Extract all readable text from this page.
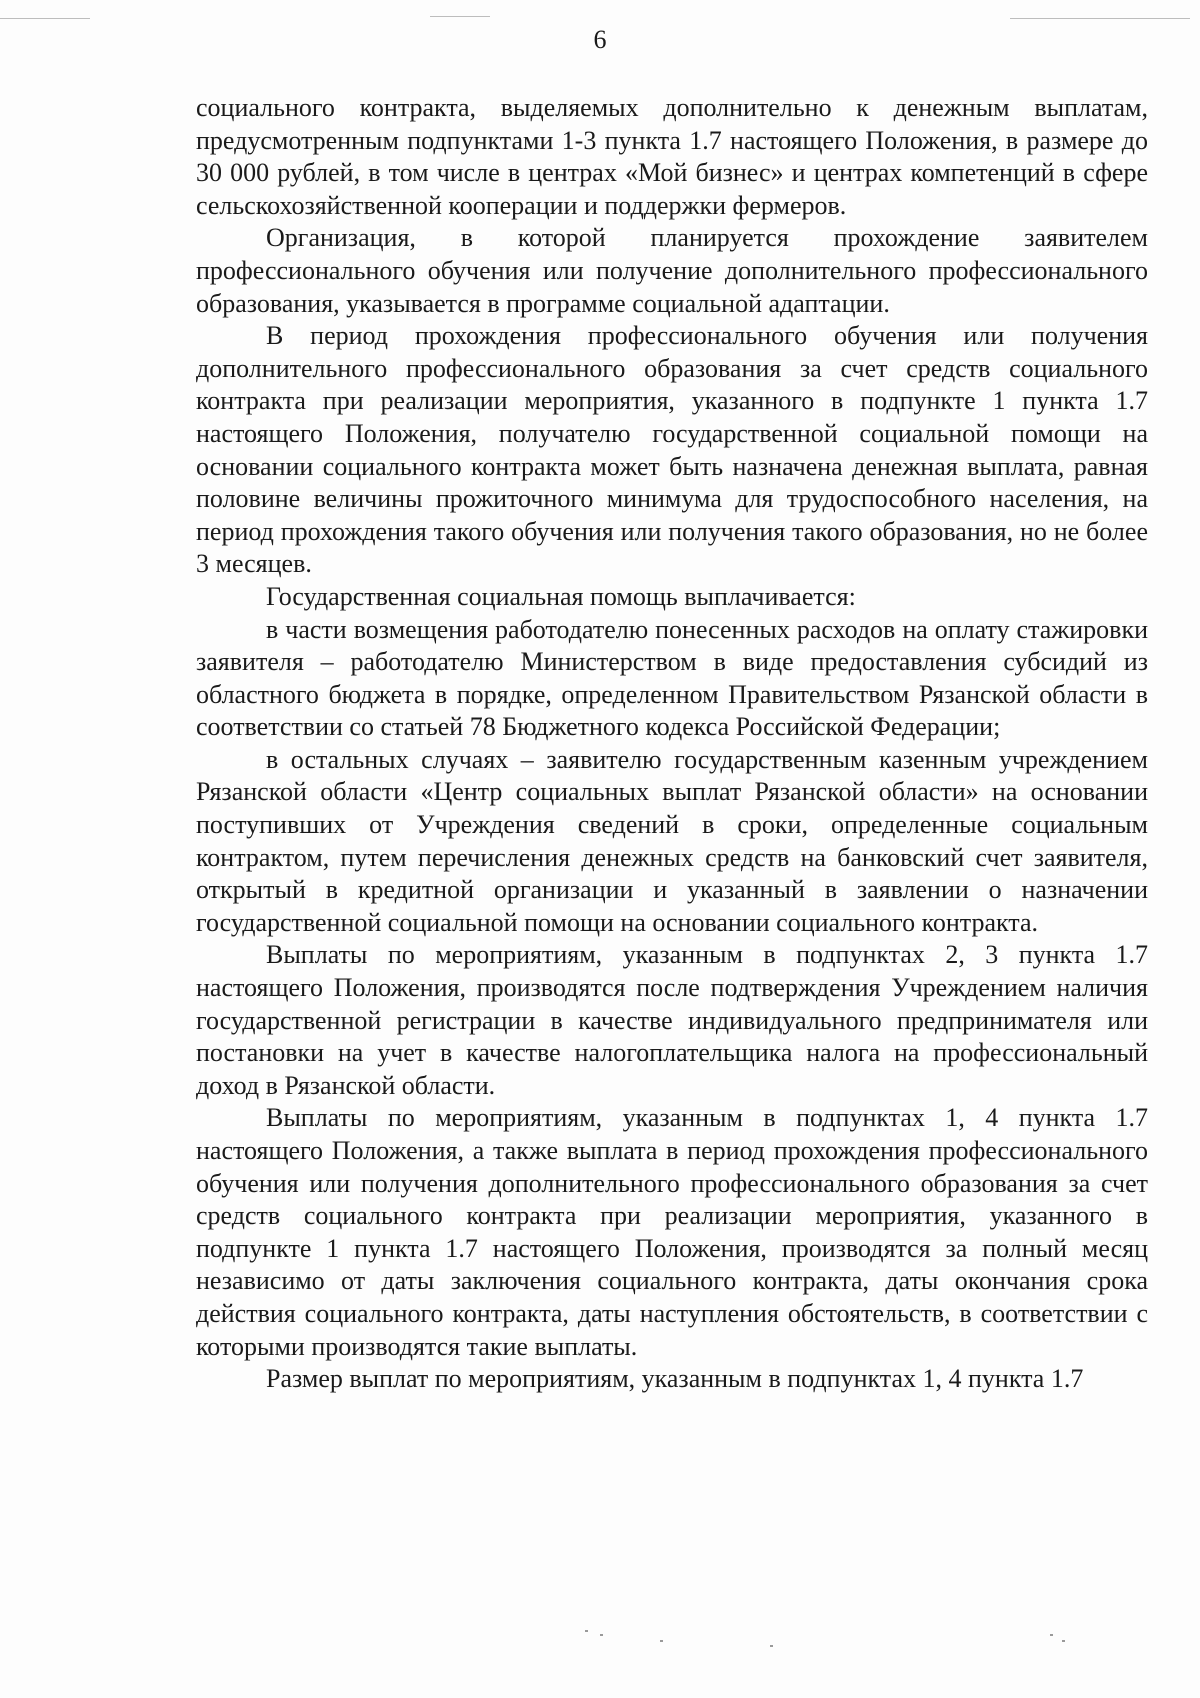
6

социального контракта, выделяемых дополнительно к денежным выплатам, предусмотренным подпунктами 1-3 пункта 1.7 настоящего Положения, в размере до 30 000 рублей, в том числе в центрах «Мой бизнес» и центрах компетенций в сфере сельскохозяйственной кооперации и поддержки фермеров.

Организация, в которой планируется прохождение заявителем профессионального обучения или получение дополнительного профессионального образования, указывается в программе социальной адаптации.

В период прохождения профессионального обучения или получения дополнительного профессионального образования за счет средств социального контракта при реализации мероприятия, указанного в подпункте 1 пункта 1.7 настоящего Положения, получателю государственной социальной помощи на основании социального контракта может быть назначена денежная выплата, равная половине величины прожиточного минимума для трудоспособного населения, на период прохождения такого обучения или получения такого образования, но не более 3 месяцев.

Государственная социальная помощь выплачивается:

в части возмещения работодателю понесенных расходов на оплату стажировки заявителя – работодателю Министерством в виде предоставления субсидий из областного бюджета в порядке, определенном Правительством Рязанской области в соответствии со статьей 78 Бюджетного кодекса Российской Федерации;

в остальных случаях – заявителю государственным казенным учреждением Рязанской области «Центр социальных выплат Рязанской области» на основании поступивших от Учреждения сведений в сроки, определенные социальным контрактом, путем перечисления денежных средств на банковский счет заявителя, открытый в кредитной организации и указанный в заявлении о назначении государственной социальной помощи на основании социального контракта.

Выплаты по мероприятиям, указанным в подпунктах 2, 3 пункта 1.7 настоящего Положения, производятся после подтверждения Учреждением наличия государственной регистрации в качестве индивидуального предпринимателя или постановки на учет в качестве налогоплательщика налога на профессиональный доход в Рязанской области.

Выплаты по мероприятиям, указанным в подпунктах 1, 4 пункта 1.7 настоящего Положения, а также выплата в период прохождения профессионального обучения или получения дополнительного профессионального образования за счет средств социального контракта при реализации мероприятия, указанного в подпункте 1 пункта 1.7 настоящего Положения, производятся за полный месяц независимо от даты заключения социального контракта, даты окончания срока действия социального контракта, даты наступления обстоятельств, в соответствии с которыми производятся такие выплаты.

Размер выплат по мероприятиям, указанным в подпунктах 1, 4 пункта 1.7
